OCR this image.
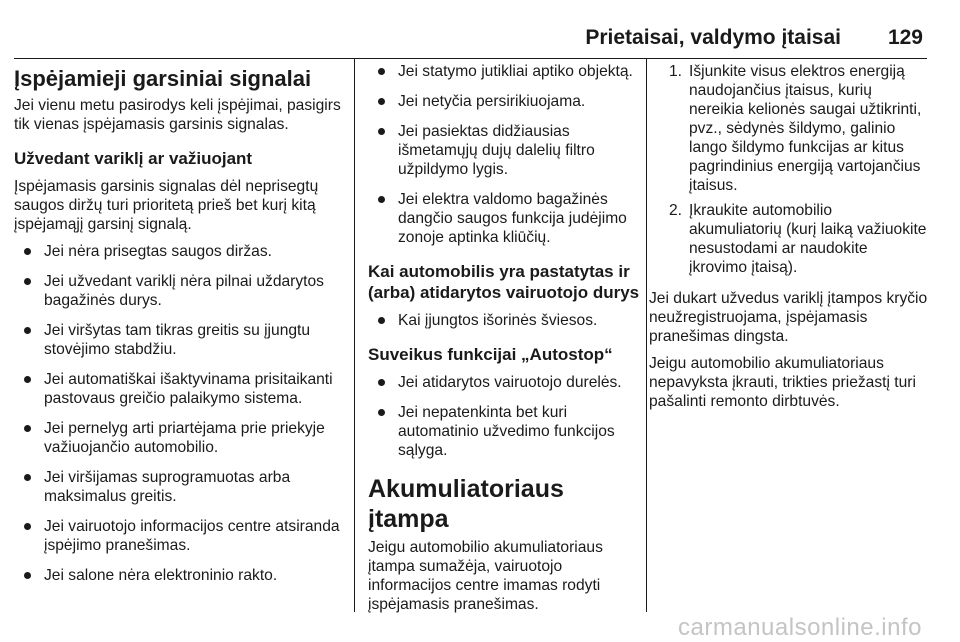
Prietaisai, valdymo įtaisai 129
Įspėjamieji garsiniai signalai

Jei vienu metu pasirodys keli įspėjimai, pasigirs tik vienas įspėjamasis garsinis signalas.

Užvedant variklį ar važiuojant

Įspėjamasis garsinis signalas dėl neprisegtų saugos diržų turi prioritetą prieš bet kurį kitą įspėjamąjį garsinį signalą.

Jei nėra prisegtas saugos diržas.
Jei užvedant variklį nėra pilnai uždarytos bagažinės durys.
Jei viršytas tam tikras greitis su įjungtu stovėjimo stabdžiu.
Jei automatiškai išaktyvinama prisitaikanti pastovaus greičio palaikymo sistema.
Jei pernelyg arti priartėjama prie priekyje važiuojančio automobilio.
Jei viršijamas suprogramuotas arba maksimalus greitis.
Jei vairuotojo informacijos centre atsiranda įspėjimo pranešimas.
Jei salone nėra elektroninio rakto.
Jei statymo jutikliai aptiko objektą.
Jei netyčia persirikiuojama.
Jei pasiektas didžiausias išmetamųjų dujų dalelių filtro užpildymo lygis.
Jei elektra valdomo bagažinės dangčio saugos funkcija judėjimo zonoje aptinka kliūčių.
Kai automobilis yra pastatytas ir (arba) atidarytos vairuotojo durys
Kai įjungtos išorinės šviesos.
Suveikus funkcijai „Autostop“
Jei atidarytos vairuotojo durelės.
Jei nepatenkinta bet kuri automatinio užvedimo funkcijos sąlyga.
Akumuliatoriaus įtampa

Jeigu automobilio akumuliatoriaus įtampa sumažėja, vairuotojo informacijos centre imamas rodyti įspėjamasis pranešimas.

1. Išjunkite visus elektros energiją naudojančius įtaisus, kurių nereikia kelionės saugai užtikrinti, pvz., sėdynės šildymo, galinio lango šildymo funkcijas ar kitus pagrindinius energiją vartojančius įtaisus.
2. Įkraukite automobilio akumuliatorių (kurį laiką važiuokite nesustodami ar naudokite įkrovimo įtaisą).

Jei dukart užvedus variklį įtampos kryčio neužregistruojama, įspėjamasis pranešimas dingsta.

Jeigu automobilio akumuliatoriaus nepavyksta įkrauti, trikties priežastį turi pašalinti remonto dirbtuvės.

carmanualsonline.info
